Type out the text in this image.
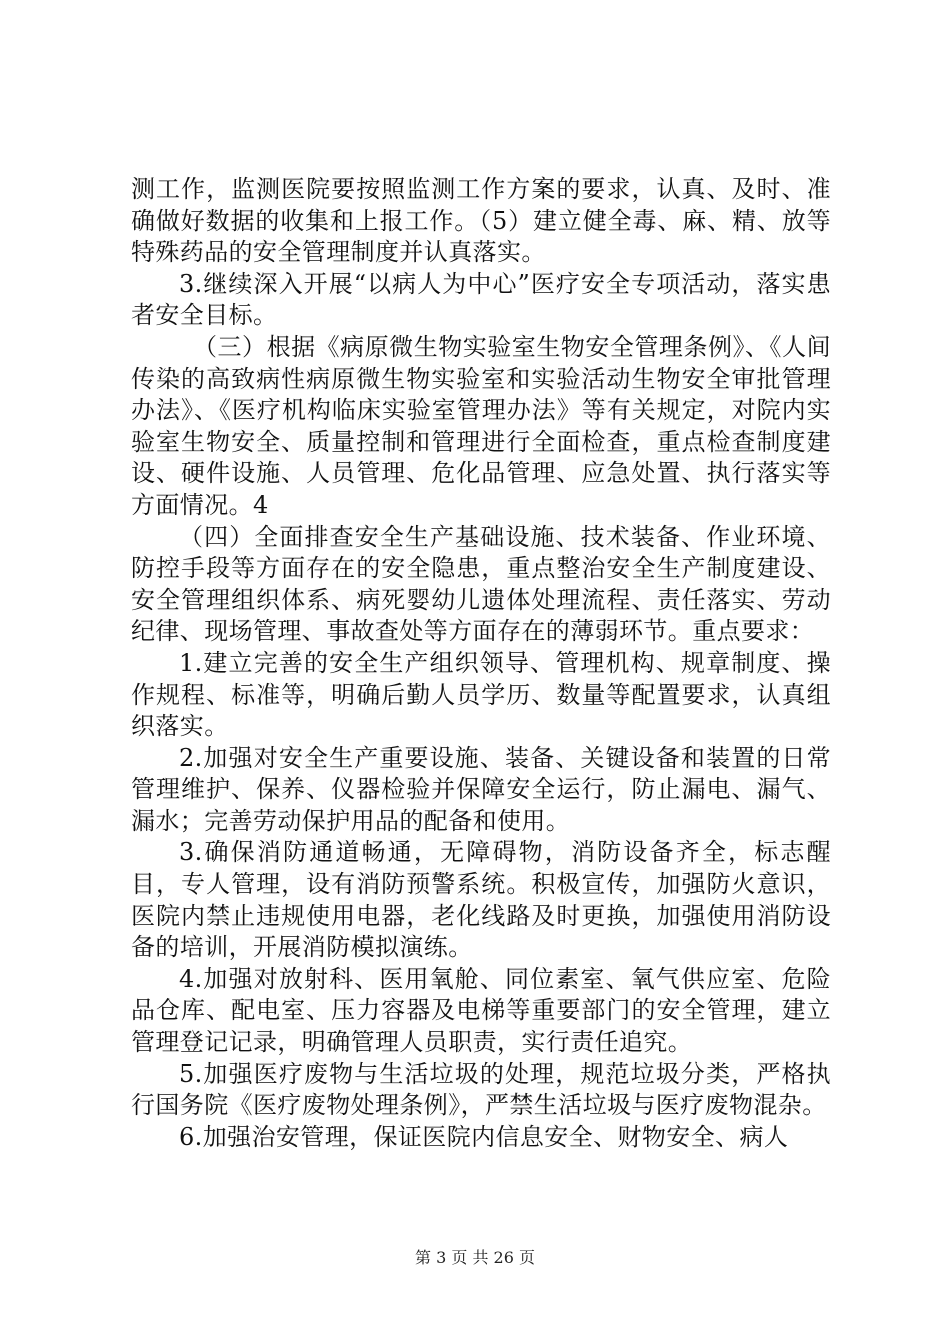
测工作，监测医院要按照监测工作方案的要求，认真、及时、准确做好数据的收集和上报工作。（5）建立健全毒、麻、精、放等特殊药品的安全管理制度并认真落实。

3.继续深入开展“以病人为中心”医疗安全专项活动，落实患者安全目标。

（三）根据《病原微生物实验室生物安全管理条例》、《人间传染的高致病性病原微生物实验室和实验活动生物安全审批管理办法》、《医疗机构临床实验室管理办法》等有关规定，对院内实验室生物安全、质量控制和管理进行全面检查，重点检查制度建设、硬件设施、人员管理、危化品管理、应急处置、执行落实等方面情况。4

（四）全面排查安全生产基础设施、技术装备、作业环境、防控手段等方面存在的安全隐患，重点整治安全生产制度建设、安全管理组织体系、病死婴幼儿遗体处理流程、责任落实、劳动纪律、现场管理、事故查处等方面存在的薄弱环节。重点要求：

1.建立完善的安全生产组织领导、管理机构、规章制度、操作规程、标准等，明确后勤人员学历、数量等配置要求，认真组织落实。

2.加强对安全生产重要设施、装备、关键设备和装置的日常管理维护、保养、仪器检验并保障安全运行，防止漏电、漏气、漏水；完善劳动保护用品的配备和使用。

3.确保消防通道畅通，无障碍物，消防设备齐全，标志醒目，专人管理，设有消防预警系统。积极宣传，加强防火意识，医院内禁止违规使用电器，老化线路及时更换，加强使用消防设备的培训，开展消防模拟演练。

4.加强对放射科、医用氧舱、同位素室、氧气供应室、危险品仓库、配电室、压力容器及电梯等重要部门的安全管理，建立管理登记记录，明确管理人员职责，实行责任追究。

5.加强医疗废物与生活垃圾的处理，规范垃圾分类，严格执行国务院《医疗废物处理条例》，严禁生活垃圾与医疗废物混杂。

6.加强治安管理，保证医院内信息安全、财物安全、病人

第 3 页 共 26 页
